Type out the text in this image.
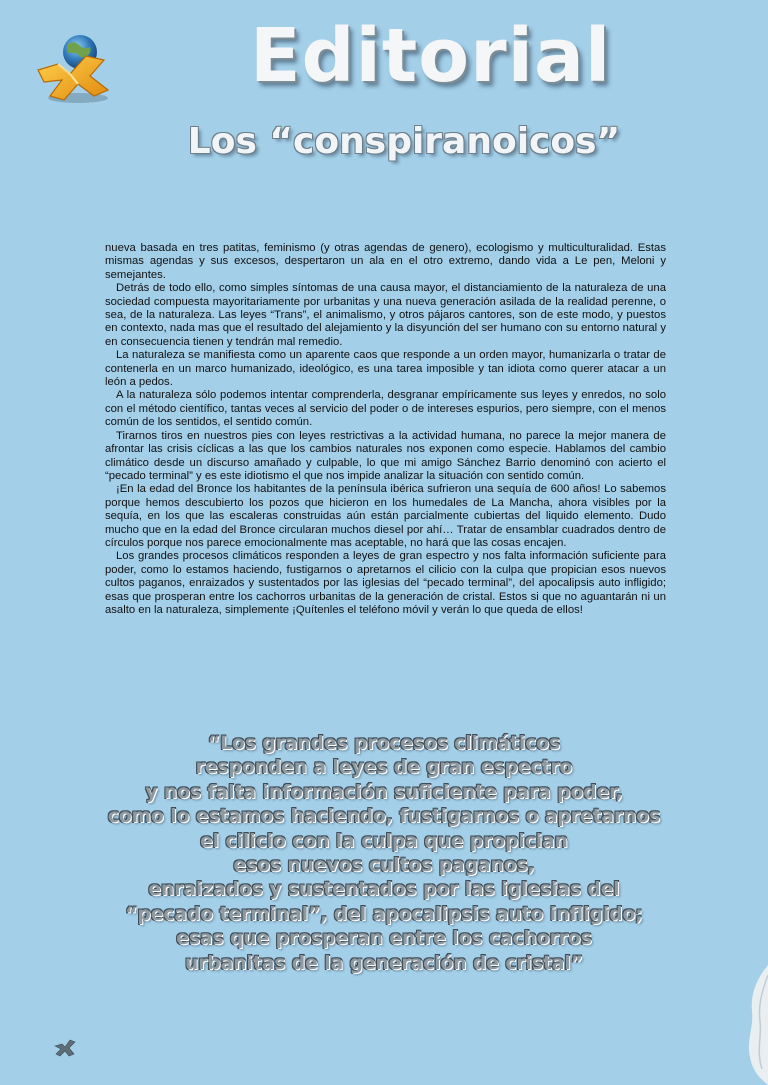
Editorial
Los “conspiranoicos”

nueva basada en tres patitas, feminismo (y otras agendas de genero), ecologismo y multiculturalidad. Estas mismas agendas y sus excesos, despertaron un ala en el otro extremo, dando vida a Le pen, Meloni y semejantes.

Detrás de todo ello, como simples síntomas de una causa mayor, el distanciamiento de la naturaleza de una sociedad compuesta mayoritariamente por urbanitas y una nueva generación asilada de la realidad perenne, o sea, de la naturaleza. Las leyes “Trans”, el animalismo, y otros pájaros cantores, son de este modo, y puestos en contexto, nada mas que el resultado del alejamiento y la disyunción del ser humano con su entorno natural y en consecuencia tienen y tendrán mal remedio.

La naturaleza se manifiesta como un aparente caos que responde a un orden mayor, humanizarla o tratar de contenerla en un marco humanizado, ideológico, es una tarea imposible y tan idiota como querer atacar a un león a pedos.

A la naturaleza sólo podemos intentar comprenderla, desgranar empíricamente sus leyes y enredos, no solo con el método científico, tantas veces al servicio del poder o de intereses espurios, pero siempre, con el menos común de los sentidos, el sentido común.

Tirarnos tiros en nuestros pies con leyes restrictivas a la actividad humana, no parece la mejor manera de afrontar las crisis cíclicas a las que los cambios naturales nos exponen como especie. Hablamos del cambio climático desde un discurso amañado y culpable, lo que mi amigo Sánchez Barrio denominó con acierto el “pecado terminal” y es este idiotismo el que nos impide analizar la situación con sentido común.

¡En la edad del Bronce los habitantes de la península ibérica sufrieron una sequía de 600 años! Lo sabemos porque hemos descubierto los pozos que hicieron en los humedales de La Mancha, ahora visibles por la sequía, en los que las escaleras construidas aún están parcialmente cubiertas del liquido elemento. Dudo mucho que en la edad del Bronce circularan muchos diesel por ahí… Tratar de ensamblar cuadrados dentro de círculos porque nos parece emocionalmente mas aceptable, no hará que las cosas encajen.

Los grandes procesos climáticos responden a leyes de gran espectro y nos falta información suficiente para poder, como lo estamos haciendo, fustigarnos o apretarnos el cilicio con la culpa que propician esos nuevos cultos paganos, enraizados y sustentados por las iglesias del “pecado terminal”, del apocalipsis auto infligido; esas que prosperan entre los cachorros urbanitas de la generación de cristal. Estos si que no aguantarán ni un asalto en la naturaleza, simplemente ¡Quítenles el teléfono móvil y verán lo que queda de ellos!

“Los grandes procesos climáticos
responden a leyes de gran espectro
y nos falta información suficiente para poder,
como lo estamos haciendo, fustigarnos o apretarnos
el cilicio con la culpa que propician
esos nuevos cultos paganos,
enraizados y sustentados por las iglesias del
“pecado terminal”, del apocalipsis auto infligido;
esas que prosperan entre los cachorros
urbanitas de la generación de cristal”
